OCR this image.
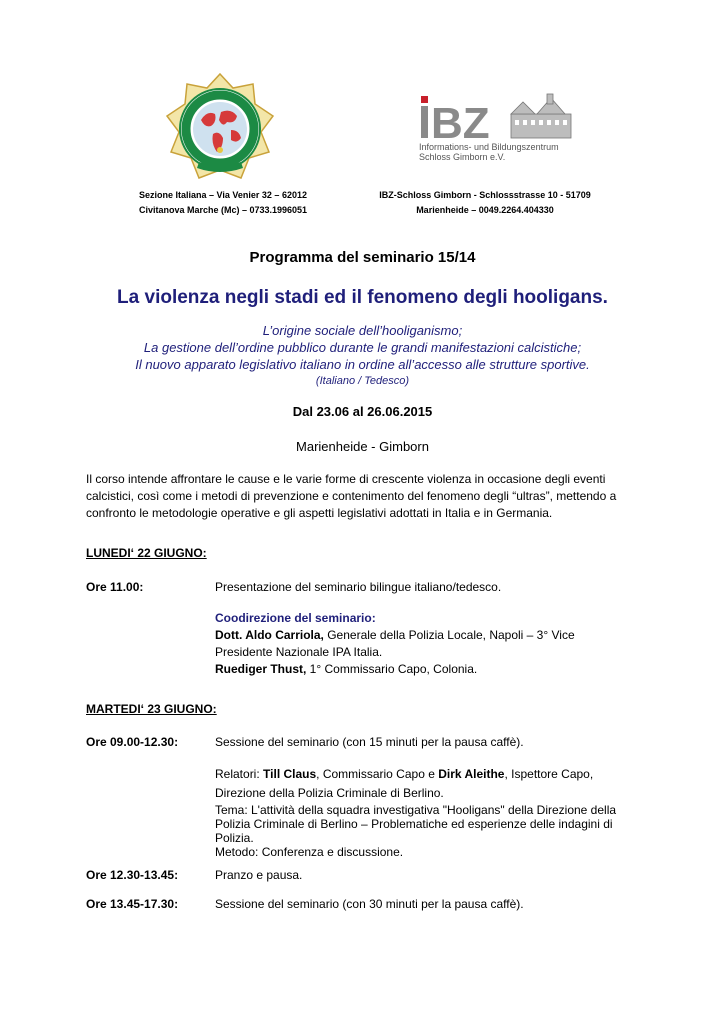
BZ
Informations- und Bildungszentrum
Schloss Gimborn e.V.
Sezione Italiana – Via Venier 32 – 62012
Civitanova Marche (Mc) – 0733.1996051
IBZ-Schloss Gimborn - Schlossstrasse 10 - 51709
Marienheide – 0049.2264.404330
Programma del seminario 15/14
La violenza negli stadi ed il fenomeno degli hooligans.
L’origine sociale dell’hooliganismo;
La gestione dell’ordine pubblico durante le grandi manifestazioni calcistiche;
Il nuovo apparato legislativo italiano in ordine all’accesso alle strutture sportive.
(Italiano / Tedesco)
Dal 23.06 al 26.06.2015
Marienheide - Gimborn
Il corso intende affrontare le cause e le varie forme di crescente violenza in occasione degli eventi
calcistici, così come i metodi di prevenzione e contenimento del fenomeno degli “ultras”, mettendo a
confronto le metodologie operative e gli aspetti legislativi adottati in Italia e in Germania.
LUNEDI‘ 22 GIUGNO:
Ore 11.00:	Presentazione del seminario bilingue italiano/tedesco.
Coodirezione del seminario:
Dott. Aldo Carriola, Generale della Polizia Locale, Napoli – 3° Vice
Presidente Nazionale IPA Italia.
Ruediger Thust, 1° Commissario Capo, Colonia.
MARTEDI‘ 23 GIUGNO:
Ore 09.00-12.30:	Sessione del seminario (con 15 minuti per la pausa caffè).
Relatori: Till Claus, Commissario Capo e Dirk Aleithe, Ispettore Capo,
Direzione della Polizia Criminale di Berlino.
Tema: L'attività della squadra investigativa "Hooligans" della Direzione della
Polizia Criminale di Berlino – Problematiche ed esperienze delle indagini di
Polizia.
Metodo: Conferenza e discussione.
Ore 12.30-13.45:	Pranzo e pausa.
Ore 13.45-17.30:	Sessione del seminario (con 30 minuti per la pausa caffè).
